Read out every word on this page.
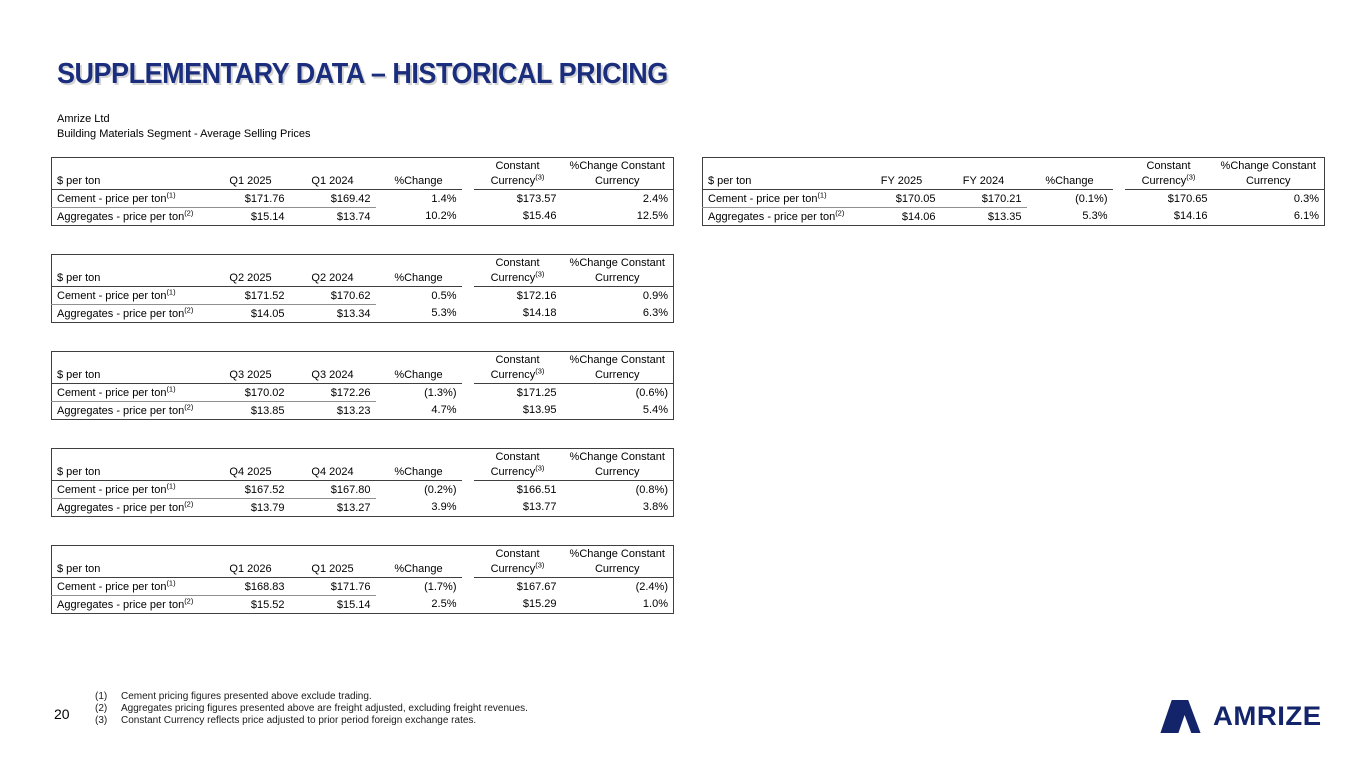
SUPPLEMENTARY DATA – HISTORICAL PRICING
Amrize Ltd
Building Materials Segment - Average Selling Prices
					Constant	%Change Constant
$ per ton	Q1 2025	Q1 2024	%Change		Currency$^{(3)}$	Currency
Cement - price per ton$^{(1)}$	$171.76	$169.42	1.4%		$173.57	2.4%
Aggregates - price per ton$^{(2)}$	$15.14	$13.74	10.2%		$15.46	12.5%
					Constant	%Change Constant
$ per ton	FY 2025	FY 2024	%Change		Currency$^{(3)}$	Currency
Cement - price per ton$^{(1)}$	$170.05	$170.21	(0.1%)		$170.65	0.3%
Aggregates - price per ton$^{(2)}$	$14.06	$13.35	5.3%		$14.16	6.1%
					Constant	%Change Constant
$ per ton	Q2 2025	Q2 2024	%Change		Currency$^{(3)}$	Currency
Cement - price per ton$^{(1)}$	$171.52	$170.62	0.5%		$172.16	0.9%
Aggregates - price per ton$^{(2)}$	$14.05	$13.34	5.3%		$14.18	6.3%
					Constant	%Change Constant
$ per ton	Q3 2025	Q3 2024	%Change		Currency$^{(3)}$	Currency
Cement - price per ton$^{(1)}$	$170.02	$172.26	(1.3%)		$171.25	(0.6%)
Aggregates - price per ton$^{(2)}$	$13.85	$13.23	4.7%		$13.95	5.4%
					Constant	%Change Constant
$ per ton	Q4 2025	Q4 2024	%Change		Currency$^{(3)}$	Currency
Cement - price per ton$^{(1)}$	$167.52	$167.80	(0.2%)		$166.51	(0.8%)
Aggregates - price per ton$^{(2)}$	$13.79	$13.27	3.9%		$13.77	3.8%
					Constant	%Change Constant
$ per ton	Q1 2026	Q1 2025	%Change		Currency$^{(3)}$	Currency
Cement - price per ton$^{(1)}$	$168.83	$171.76	(1.7%)		$167.67	(2.4%)
Aggregates - price per ton$^{(2)}$	$15.52	$15.14	2.5%		$15.29	1.0%
(1)	Cement pricing figures presented above exclude trading.
(2)	Aggregates pricing figures presented above are freight adjusted, excluding freight revenues.
(3)	Constant Currency reflects price adjusted to prior period foreign exchange rates.
20	AMRIZE
